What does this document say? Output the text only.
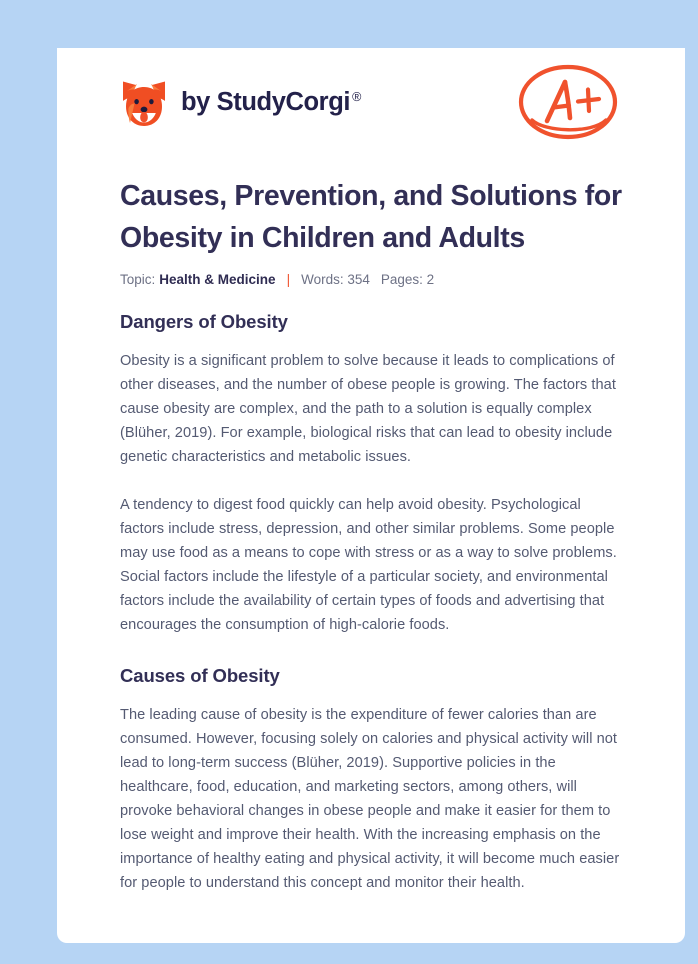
by StudyCorgi ®
Causes, Prevention, and Solutions for Obesity in Children and Adults
Topic: Health & Medicine | Words: 354 Pages: 2
Dangers of Obesity

Obesity is a significant problem to solve because it leads to complications of other diseases, and the number of obese people is growing. The factors that cause obesity are complex, and the path to a solution is equally complex (Blüher, 2019). For example, biological risks that can lead to obesity include genetic characteristics and metabolic issues.

A tendency to digest food quickly can help avoid obesity. Psychological factors include stress, depression, and other similar problems. Some people may use food as a means to cope with stress or as a way to solve problems. Social factors include the lifestyle of a particular society, and environmental factors include the availability of certain types of foods and advertising that encourages the consumption of high-calorie foods.

Causes of Obesity

The leading cause of obesity is the expenditure of fewer calories than are consumed. However, focusing solely on calories and physical activity will not lead to long-term success (Blüher, 2019). Supportive policies in the healthcare, food, education, and marketing sectors, among others, will provoke behavioral changes in obese people and make it easier for them to lose weight and improve their health. With the increasing emphasis on the importance of healthy eating and physical activity, it will become much easier for people to understand this concept and monitor their health.
